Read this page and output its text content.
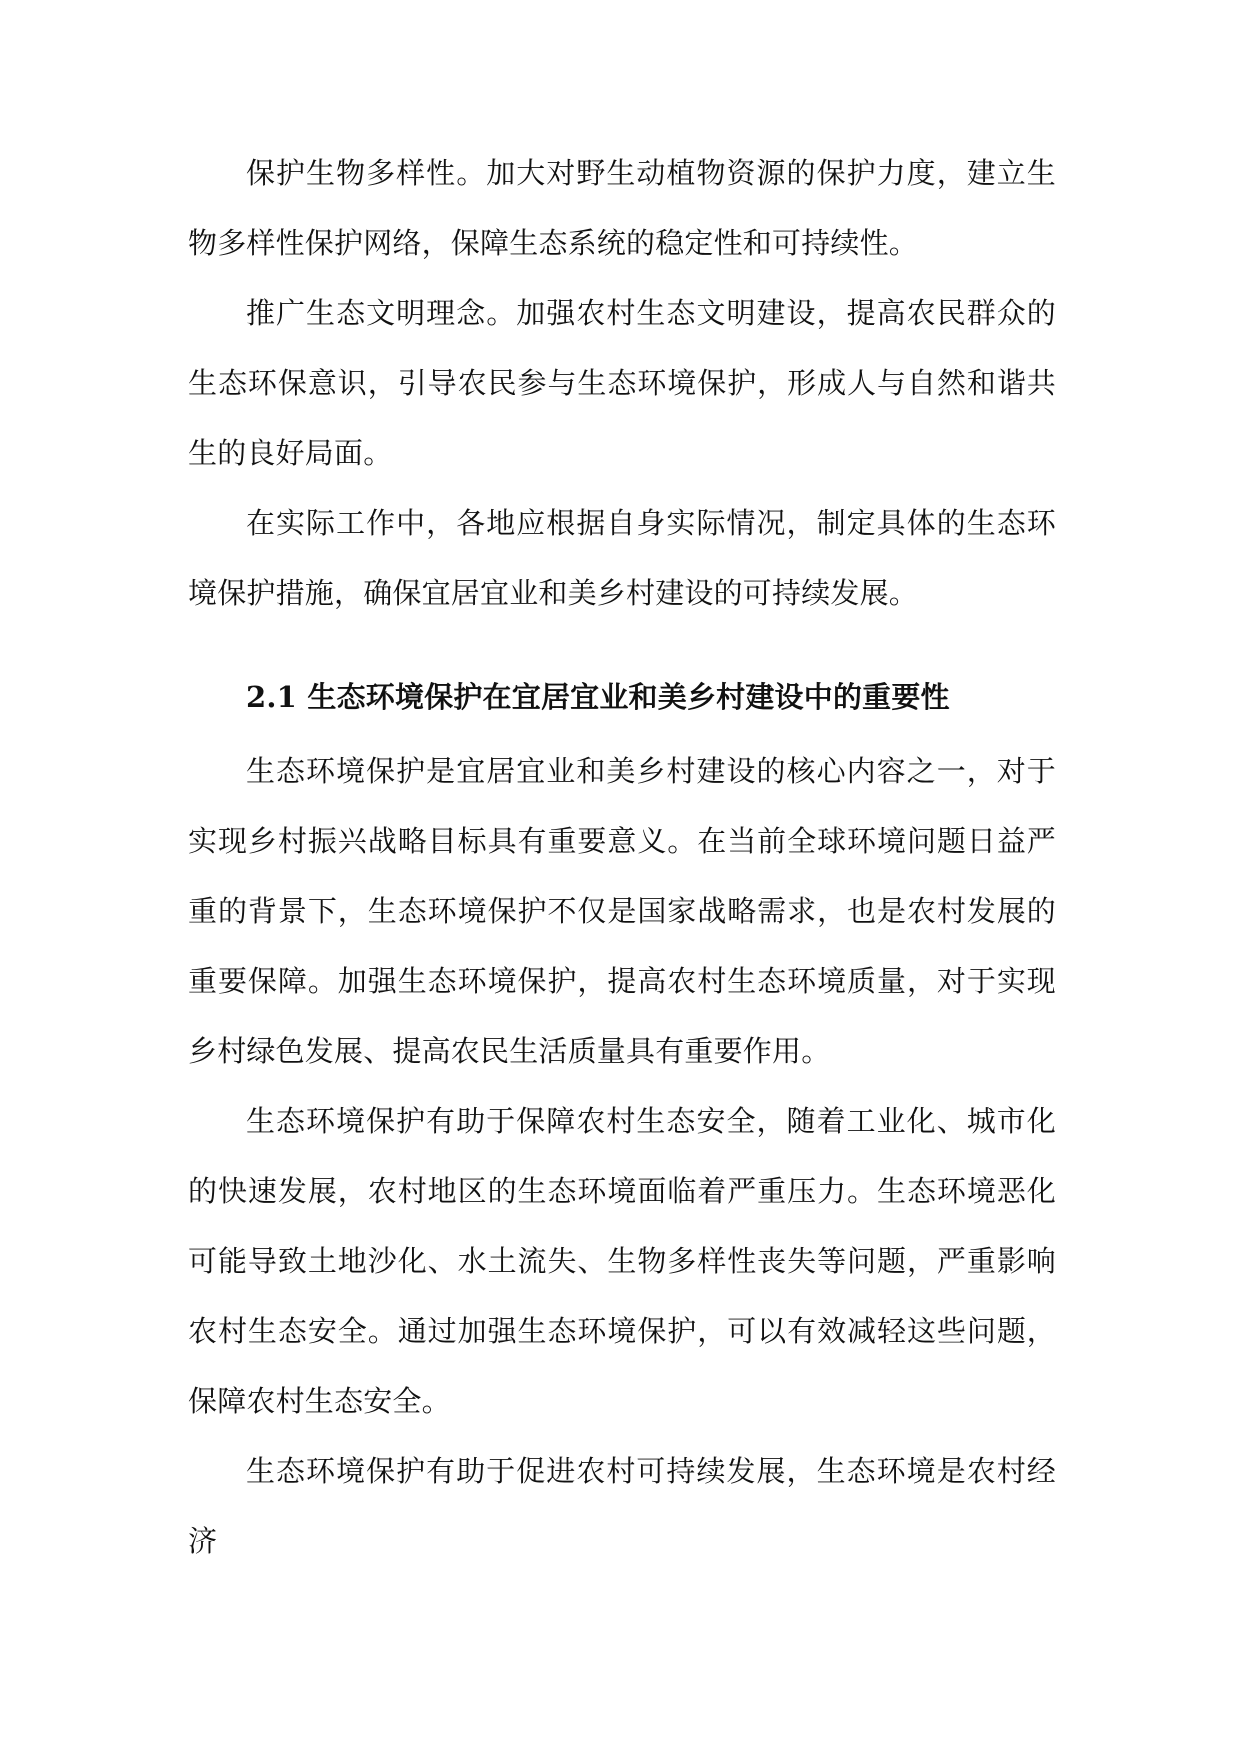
保护生物多样性。加大对野生动植物资源的保护力度，建立生物多样性保护网络，保障生态系统的稳定性和可持续性。

推广生态文明理念。加强农村生态文明建设，提高农民群众的生态环保意识，引导农民参与生态环境保护，形成人与自然和谐共生的良好局面。

在实际工作中，各地应根据自身实际情况，制定具体的生态环境保护措施，确保宜居宜业和美乡村建设的可持续发展。

2.1 生态环境保护在宜居宜业和美乡村建设中的重要性

生态环境保护是宜居宜业和美乡村建设的核心内容之一，对于实现乡村振兴战略目标具有重要意义。在当前全球环境问题日益严重的背景下，生态环境保护不仅是国家战略需求，也是农村发展的重要保障。加强生态环境保护，提高农村生态环境质量，对于实现乡村绿色发展、提高农民生活质量具有重要作用。

生态环境保护有助于保障农村生态安全，随着工业化、城市化的快速发展，农村地区的生态环境面临着严重压力。生态环境恶化可能导致土地沙化、水土流失、生物多样性丧失等问题，严重影响农村生态安全。通过加强生态环境保护，可以有效减轻这些问题，保障农村生态安全。

生态环境保护有助于促进农村可持续发展，生态环境是农村经济
